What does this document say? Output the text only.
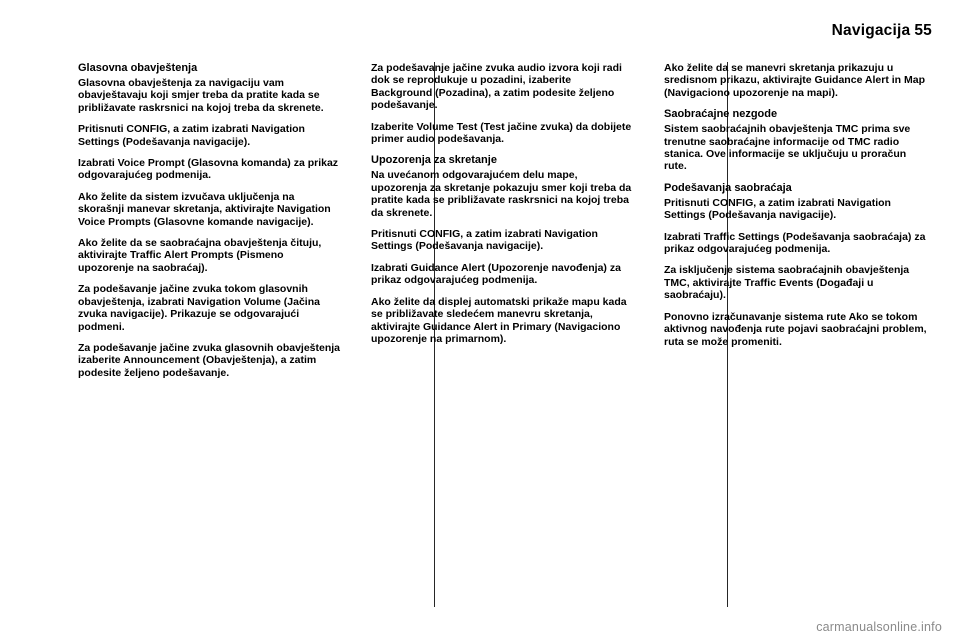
Navigacija 55

Glasovna obavještenja

Glasovna obavještenja za navigaciju vam obavještavaju koji smjer treba da pratite kada se približavate raskrsnici na kojoj treba da skrenete.

Pritisnuti CONFIG, a zatim izabrati Navigation Settings (Podešavanja navigacije).

Izabrati Voice Prompt (Glasovna komanda) za prikaz odgovarajućeg podmenija.

Ako želite da sistem izvučava uključenja na skorašnji manevar skretanja, aktivirajte Navigation Voice Prompts (Glasovne komande navigacije).

Ako želite da se saobraćajna obavještenja čituju, aktivirajte Traffic Alert Prompts (Pismeno upozorenje na saobraćaj).

Za podešavanje jačine zvuka tokom glasovnih obavještenja, izabrati Navigation Volume (Jačina zvuka navigacije). Prikazuje se odgovarajući podmeni.

Za podešavanje jačine zvuka glasovnih obavještenja izaberite Announcement (Obavještenja), a zatim podesite željeno podešavanje.

Za podešavanje jačine zvuka audio izvora koji radi dok se reprodukuje u pozadini, izaberite Background (Pozadina), a zatim podesite željeno podešavanje.

Izaberite Volume Test (Test jačine zvuka) da dobijete primer audio podešavanja.

Upozorenja za skretanje

Na uvećanom odgovarajućem delu mape, upozorenja za skretanje pokazuju smer koji treba da pratite kada se približavate raskrsnici na kojoj treba da skrenete.

Pritisnuti CONFIG, a zatim izabrati Navigation Settings (Podešavanja navigacije).

Izabrati Guidance Alert (Upozorenje navođenja) za prikaz odgovarajućeg podmenija.

Ako želite da displej automatski prikaže mapu kada se približavate sledećem manevru skretanja, aktivirajte Guidance Alert in Primary (Navigaciono upozorenje na primarnom).

Ako želite da se manevri skretanja prikazuju u sredisnom prikazu, aktivirajte Guidance Alert in Map (Navigaciono upozorenje na mapi).

Saobraćajne nezgode

Sistem saobraćajnih obavještenja TMC prima sve trenutne saobraćajne informacije od TMC radio stanica. Ove informacije se uključuju u proračun rute.

Podešavanja saobraćaja

Pritisnuti CONFIG, a zatim izabrati Navigation Settings (Podešavanja navigacije).

Izabrati Traffic Settings (Podešavanja saobraćaja) za prikaz odgovarajućeg podmenija.

Za isključenje sistema saobraćajnih obavještenja TMC, aktivirajte Traffic Events (Događaji u saobraćaju).

Ponovno izračunavanje sistema rute Ako se tokom aktivnog navođenja rute pojavi saobraćajni problem, ruta se može promeniti.

carmanualsonline.info
